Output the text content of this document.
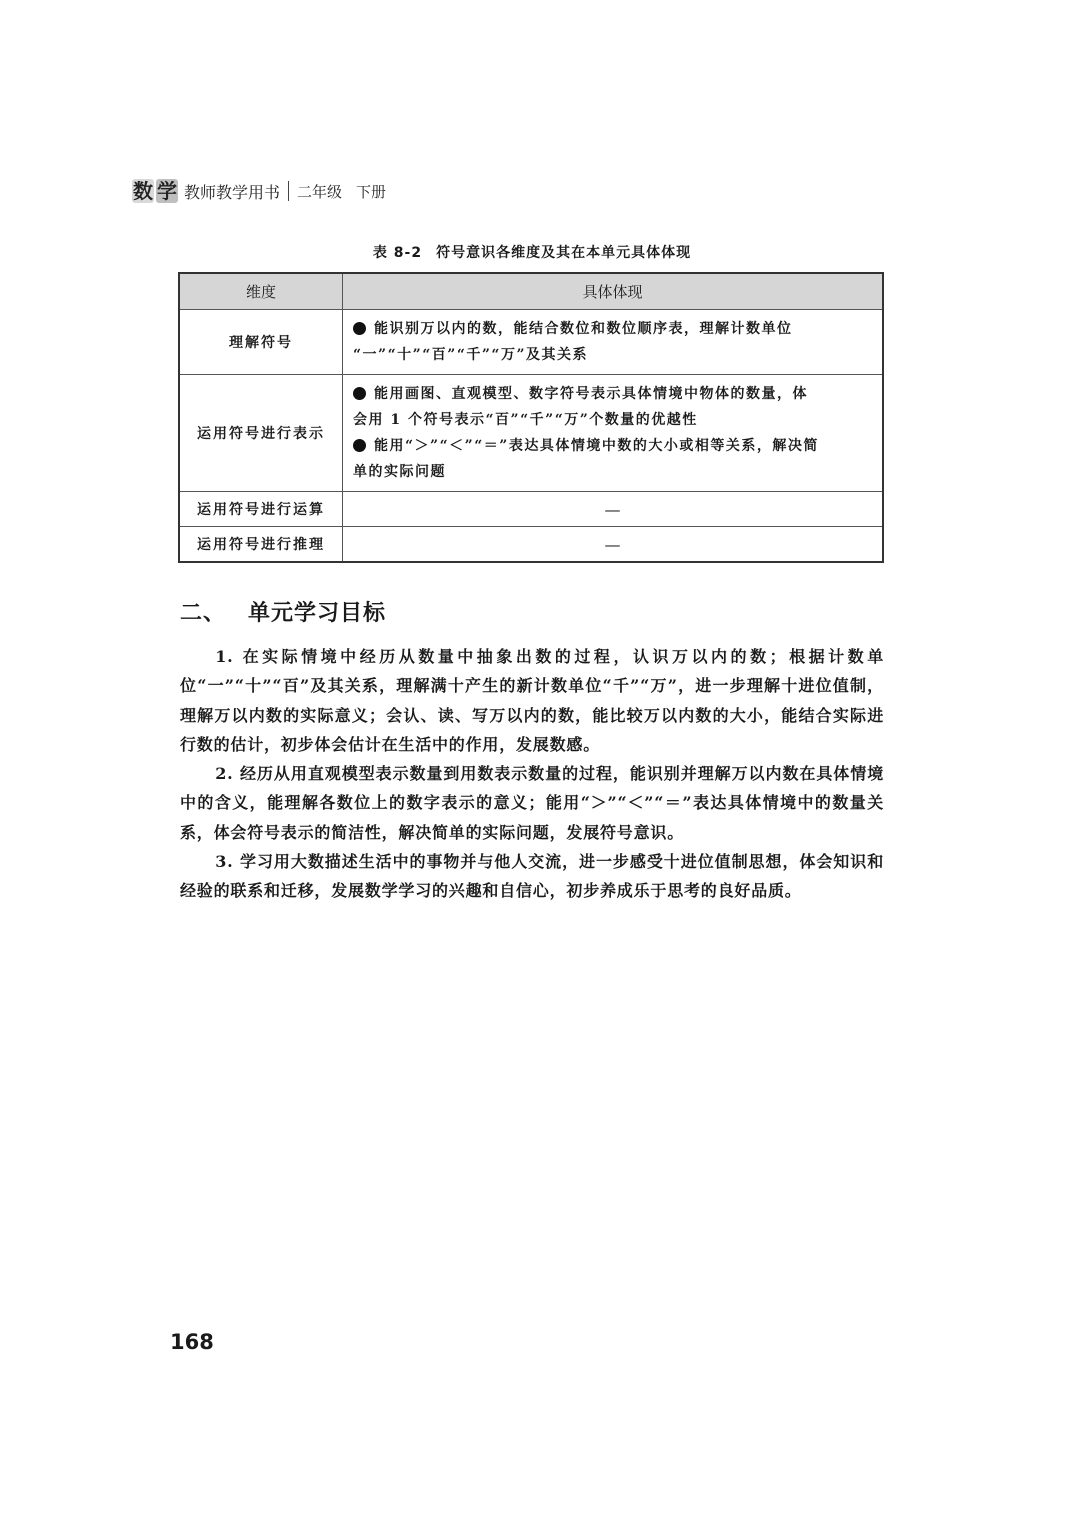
数 学 教师教学用书 二年级 下册
表 8-2 符号意识各维度及其在本单元具体体现
维度	具体体现
理解符号	能识别万以内的数，能结合数位和数位顺序表，理解计数单位
“一”“十”“百”“千”“万”及其关系

运用符号进行表示	能用画图、直观模型、数字符号表示具体情境中物体的数量，体
会用 1 个符号表示“百”“千”“万”个数量的优越性
能用“＞”“＜”“＝”表达具体情境中数的大小或相等关系，解决简
单的实际问题

运用符号进行运算	—
运用符号进行推理	—
二、 单元学习目标

1. 在实际情境中经历从数量中抽象出数的过程，认识万以内的数；根据计数单位“一”“十”“百”及其关系，理解满十产生的新计数单位“千”“万”，进一步理解十进位值制，理解万以内数的实际意义；会认、读、写万以内的数，能比较万以内数的大小，能结合实际进行数的估计，初步体会估计在生活中的作用，发展数感。

2. 经历从用直观模型表示数量到用数表示数量的过程，能识别并理解万以内数在具体情境中的含义，能理解各数位上的数字表示的意义；能用“＞”“＜”“＝”表达具体情境中的数量关系，体会符号表示的简洁性，解决简单的实际问题，发展符号意识。

3. 学习用大数描述生活中的事物并与他人交流，进一步感受十进位值制思想，体会知识和经验的联系和迁移，发展数学学习的兴趣和自信心，初步养成乐于思考的良好品质。

168
